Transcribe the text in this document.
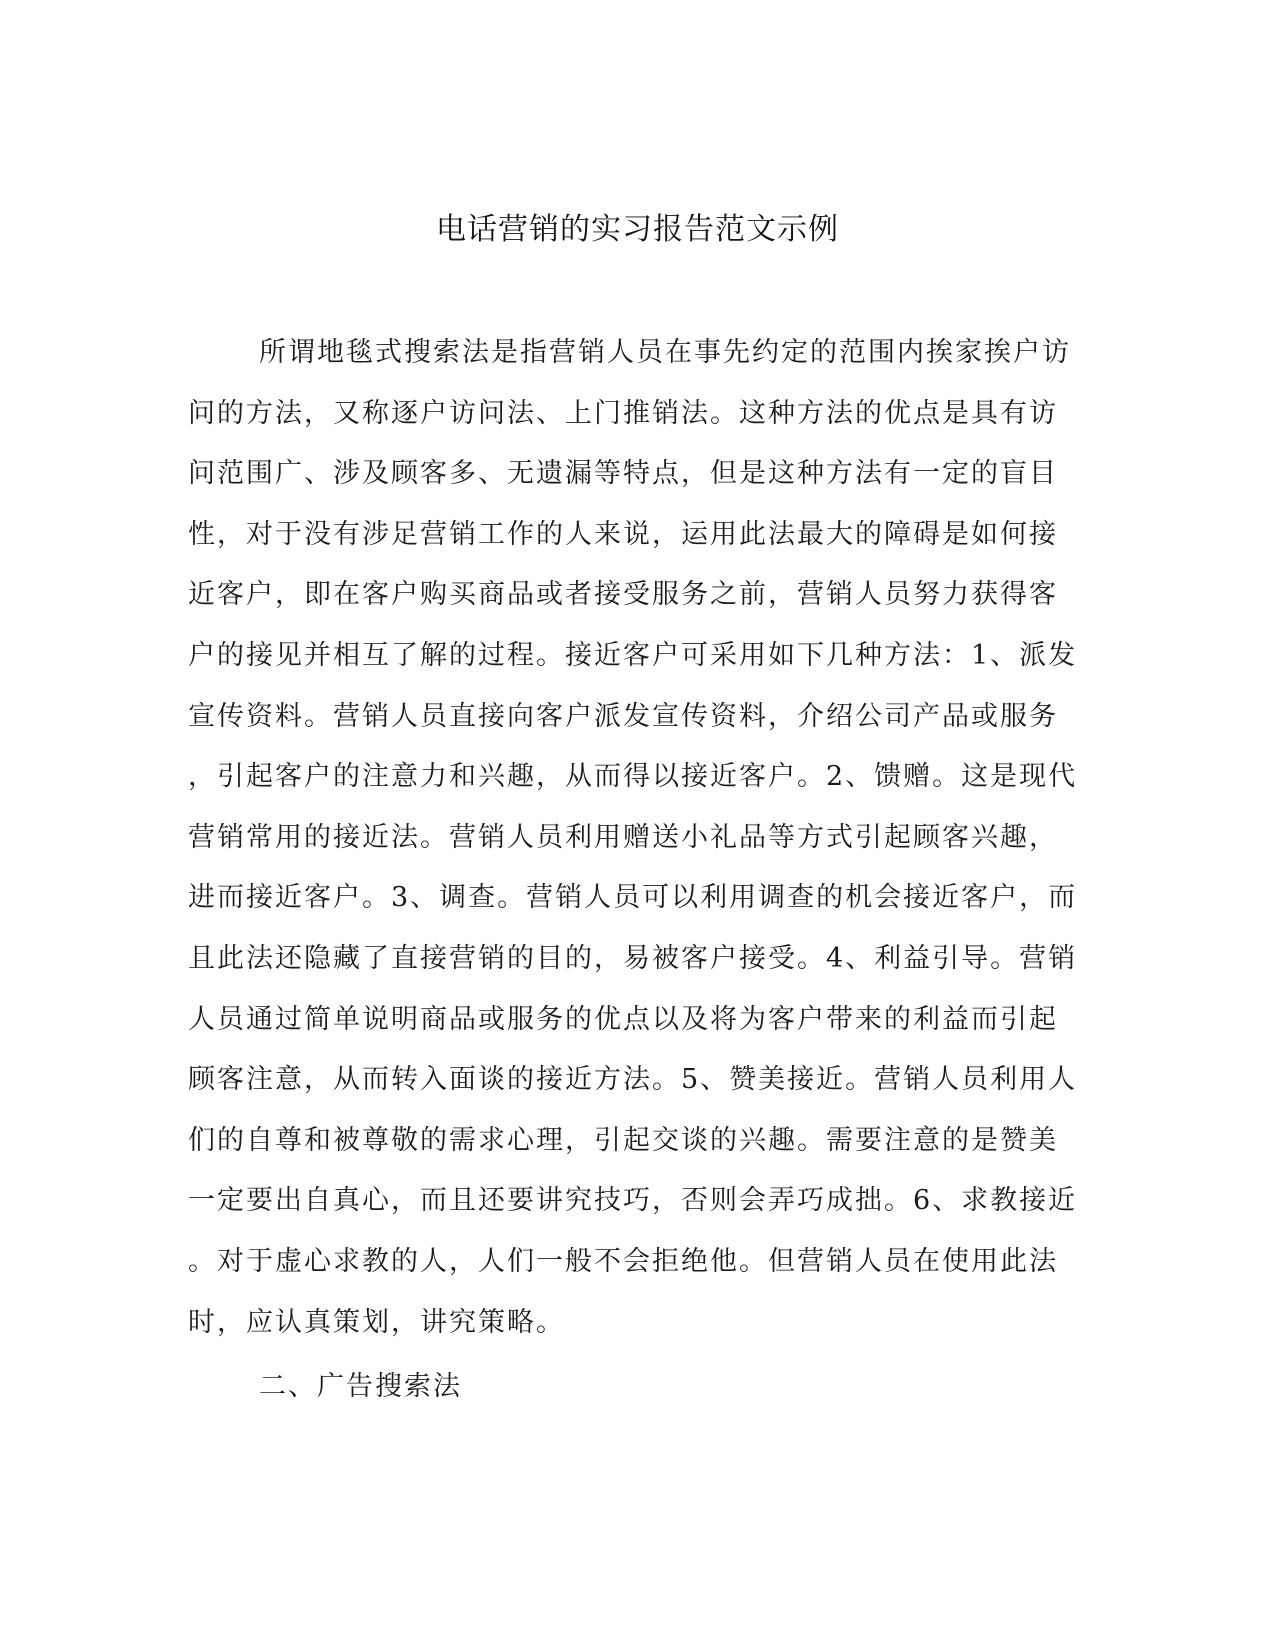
电话营销的实习报告范文示例
所谓地毯式搜索法是指营销人员在事先约定的范围内挨家挨户访
问的方法，又称逐户访问法、上门推销法。这种方法的优点是具有访
问范围广、涉及顾客多、无遗漏等特点，但是这种方法有一定的盲目
性，对于没有涉足营销工作的人来说，运用此法最大的障碍是如何接
近客户，即在客户购买商品或者接受服务之前，营销人员努力获得客
户的接见并相互了解的过程。接近客户可采用如下几种方法：1、派发
宣传资料。营销人员直接向客户派发宣传资料，介绍公司产品或服务
，引起客户的注意力和兴趣，从而得以接近客户。2、馈赠。这是现代
营销常用的接近法。营销人员利用赠送小礼品等方式引起顾客兴趣，
进而接近客户。3、调查。营销人员可以利用调查的机会接近客户，而
且此法还隐藏了直接营销的目的，易被客户接受。4、利益引导。营销
人员通过简单说明商品或服务的优点以及将为客户带来的利益而引起
顾客注意，从而转入面谈的接近方法。5、赞美接近。营销人员利用人
们的自尊和被尊敬的需求心理，引起交谈的兴趣。需要注意的是赞美
一定要出自真心，而且还要讲究技巧，否则会弄巧成拙。6、求教接近
。对于虚心求教的人，人们一般不会拒绝他。但营销人员在使用此法
时，应认真策划，讲究策略。
二、广告搜索法
